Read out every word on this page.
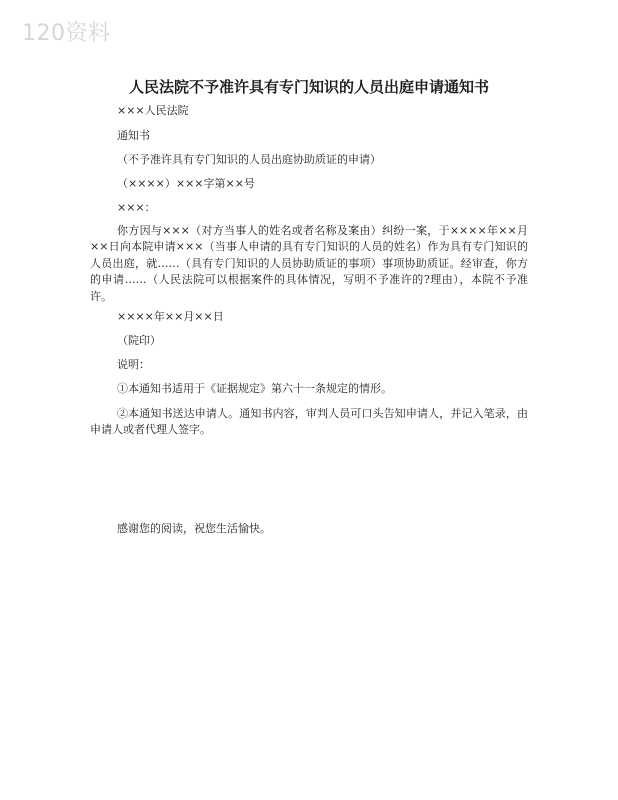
120资料
人民法院不予准许具有专门知识的人员出庭申请通知书
×××人民法院
通知书
（不予准许具有专门知识的人员出庭协助质证的申请）
（××××）×××字第××号
×××：
你方因与×××（对方当事人的姓名或者名称及案由）纠纷一案，于××××年××月××日向本院申请×××（当事人申请的具有专门知识的人员的姓名）作为具有专门知识的人员出庭，就……（具有专门知识的人员协助质证的事项）事项协助质证。经审查，你方的申请……（人民法院可以根据案件的具体情况，写明不予准许的?理由），本院不予准许。
××××年××月××日
（院印）
说明：
①本通知书适用于《证据规定》第六十一条规定的情形。
②本通知书送达申请人。通知书内容，审判人员可口头告知申请人，并记入笔录，由申请人或者代理人签字。
感谢您的阅读，祝您生活愉快。
